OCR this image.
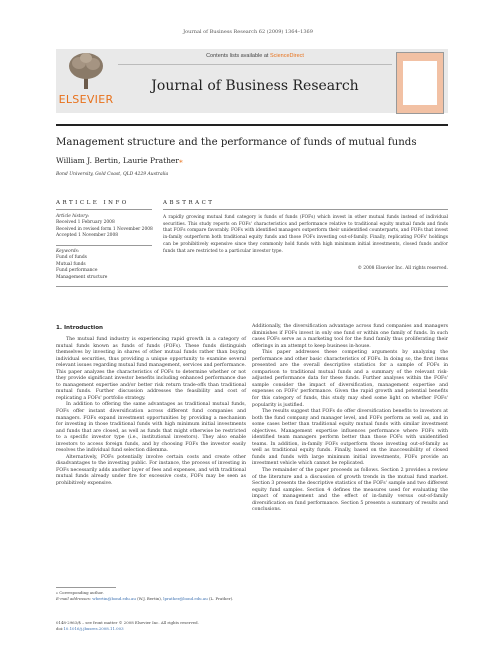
Journal of Business Research 62 (2009) 1364–1369
ELSEVIER
Contents lists available at ScienceDirect
Journal of Business Research
Management structure and the performance of funds of mutual funds
William J. Bertin, Laurie Prather⁎
Bond University, Gold Coast, QLD 4229 Australia
ARTICLE INFO
Article history:
Received 1 February 2008
Received in revised form 1 November 2008
Accepted 1 November 2008
Keywords:
Fund of funds
Mutual funds
Fund performance
Management structure
ABSTRACT
A rapidly growing mutual fund category is funds of funds (FOFs) which invest in other mutual funds instead of individual securities. This study reports on FOFs' characteristics and performance relative to traditional equity mutual funds and finds that FOFs compare favorably. FOFs with identified managers outperform their unidentified counterparts, and FOFs that invest in-family outperform both traditional equity funds and those FOFs investing out-of-family. Finally, replicating FOFs' holdings can be prohibitively expensive since they commonly hold funds with high minimum initial investments, closed funds and/or funds that are restricted to a particular investor type.
© 2008 Elsevier Inc. All rights reserved.
1. Introduction

The mutual fund industry is experiencing rapid growth in a category of mutual funds known as funds of funds (FOFs). These funds distinguish themselves by investing in shares of other mutual funds rather than buying individual securities, thus providing a unique opportunity to examine several relevant issues regarding mutual fund management, services and performance. This paper analyzes the characteristics of FOFs to determine whether or not they provide significant investor benefits including enhanced performance due to management expertise and/or better risk return trade-offs than traditional mutual funds. Further discussion addresses the feasibility and cost of replicating a FOFs' portfolio strategy.

In addition to offering the same advantages as traditional mutual funds, FOFs offer instant diversification across different fund companies and managers. FOFs expand investment opportunities by providing a mechanism for investing in those traditional funds with high minimum initial investments and funds that are closed, as well as funds that might otherwise be restricted to a specific investor type (i.e., institutional investors). They also enable investors to access foreign funds, and by choosing FOFs the investor easily resolves the individual fund selection dilemma.

Alternatively, FOFs potentially involve certain costs and create other disadvantages to the investing public. For instance, the process of investing in FOFs necessarily adds another layer of fees and expenses, and with traditional mutual funds already under fire for excessive costs, FOFs may be seen as prohibitively expensive.

Additionally, the diversification advantage across fund companies and managers diminishes if FOFs invest in only one fund or within one family of funds. In such cases FOFs serve as a marketing tool for the fund family thus proliferating their offerings in an attempt to keep business in-house.

This paper addresses these competing arguments by analyzing the performance and other basic characteristics of FOFs. In doing so, the first items presented are the overall descriptive statistics for a sample of FOFs in comparison to traditional mutual funds and a summary of the relevant risk-adjusted performance data for these funds. Further analyses within the FOFs' sample consider the impact of diversification, management expertise and expenses on FOFs' performance. Given the rapid growth and potential benefits for this category of funds, this study may shed some light on whether FOFs' popularity is justified.

The results suggest that FOFs do offer diversification benefits to investors at both the fund company and manager level, and FOFs perform as well as, and in some cases better than traditional equity mutual funds with similar investment objectives. Management expertise influences performance where FOFs with identified team managers perform better than those FOFs with unidentified teams. In addition, in-family FOFs outperform those investing out-of-family as well as traditional equity funds. Finally, based on the inaccessibility of closed funds and funds with large minimum initial investments, FOFs provide an investment vehicle which cannot be replicated.

The remainder of the paper proceeds as follows. Section 2 provides a review of the literature and a discussion of growth trends in the mutual fund market. Section 3 presents the descriptive statistics of the FOFs' sample and two different equity fund samples. Section 4 defines the measures used for evaluating the impact of management and the effect of in-family versus out-of-family diversification on fund performance. Section 5 presents a summary of results and conclusions.

⁎ Corresponding author.
E-mail addresses: wbertin@bond.edu.au (W.J. Bertin), lprather@bond.edu.au (L. Prather).
0148-2963/$ – see front matter © 2008 Elsevier Inc. All rights reserved.
doi:10.1016/j.jbusres.2008.11.003
